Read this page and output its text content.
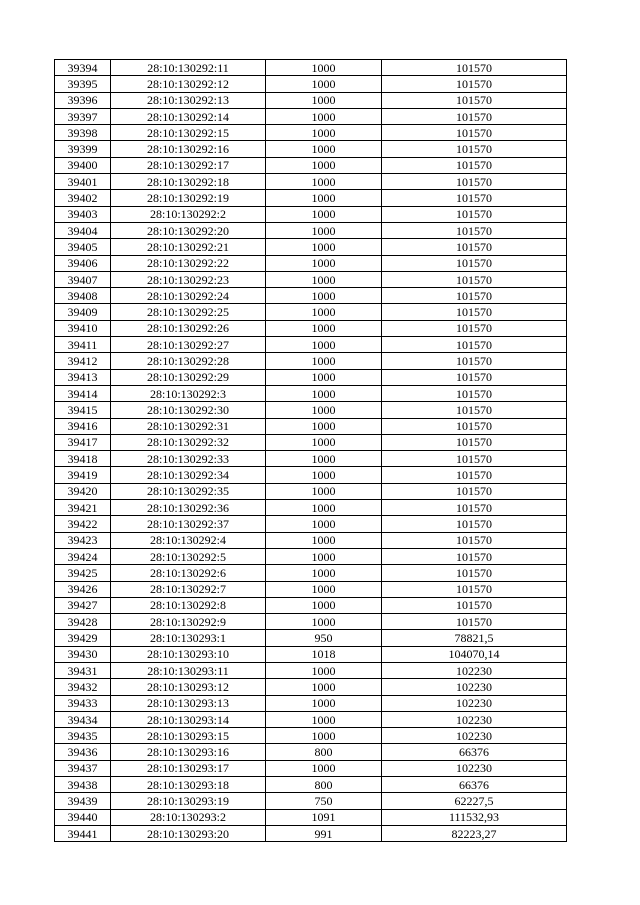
39394	28:10:130292:11	1000	101570
39395	28:10:130292:12	1000	101570
39396	28:10:130292:13	1000	101570
39397	28:10:130292:14	1000	101570
39398	28:10:130292:15	1000	101570
39399	28:10:130292:16	1000	101570
39400	28:10:130292:17	1000	101570
39401	28:10:130292:18	1000	101570
39402	28:10:130292:19	1000	101570
39403	28:10:130292:2	1000	101570
39404	28:10:130292:20	1000	101570
39405	28:10:130292:21	1000	101570
39406	28:10:130292:22	1000	101570
39407	28:10:130292:23	1000	101570
39408	28:10:130292:24	1000	101570
39409	28:10:130292:25	1000	101570
39410	28:10:130292:26	1000	101570
39411	28:10:130292:27	1000	101570
39412	28:10:130292:28	1000	101570
39413	28:10:130292:29	1000	101570
39414	28:10:130292:3	1000	101570
39415	28:10:130292:30	1000	101570
39416	28:10:130292:31	1000	101570
39417	28:10:130292:32	1000	101570
39418	28:10:130292:33	1000	101570
39419	28:10:130292:34	1000	101570
39420	28:10:130292:35	1000	101570
39421	28:10:130292:36	1000	101570
39422	28:10:130292:37	1000	101570
39423	28:10:130292:4	1000	101570
39424	28:10:130292:5	1000	101570
39425	28:10:130292:6	1000	101570
39426	28:10:130292:7	1000	101570
39427	28:10:130292:8	1000	101570
39428	28:10:130292:9	1000	101570
39429	28:10:130293:1	950	78821,5
39430	28:10:130293:10	1018	104070,14
39431	28:10:130293:11	1000	102230
39432	28:10:130293:12	1000	102230
39433	28:10:130293:13	1000	102230
39434	28:10:130293:14	1000	102230
39435	28:10:130293:15	1000	102230
39436	28:10:130293:16	800	66376
39437	28:10:130293:17	1000	102230
39438	28:10:130293:18	800	66376
39439	28:10:130293:19	750	62227,5
39440	28:10:130293:2	1091	111532,93
39441	28:10:130293:20	991	82223,27
